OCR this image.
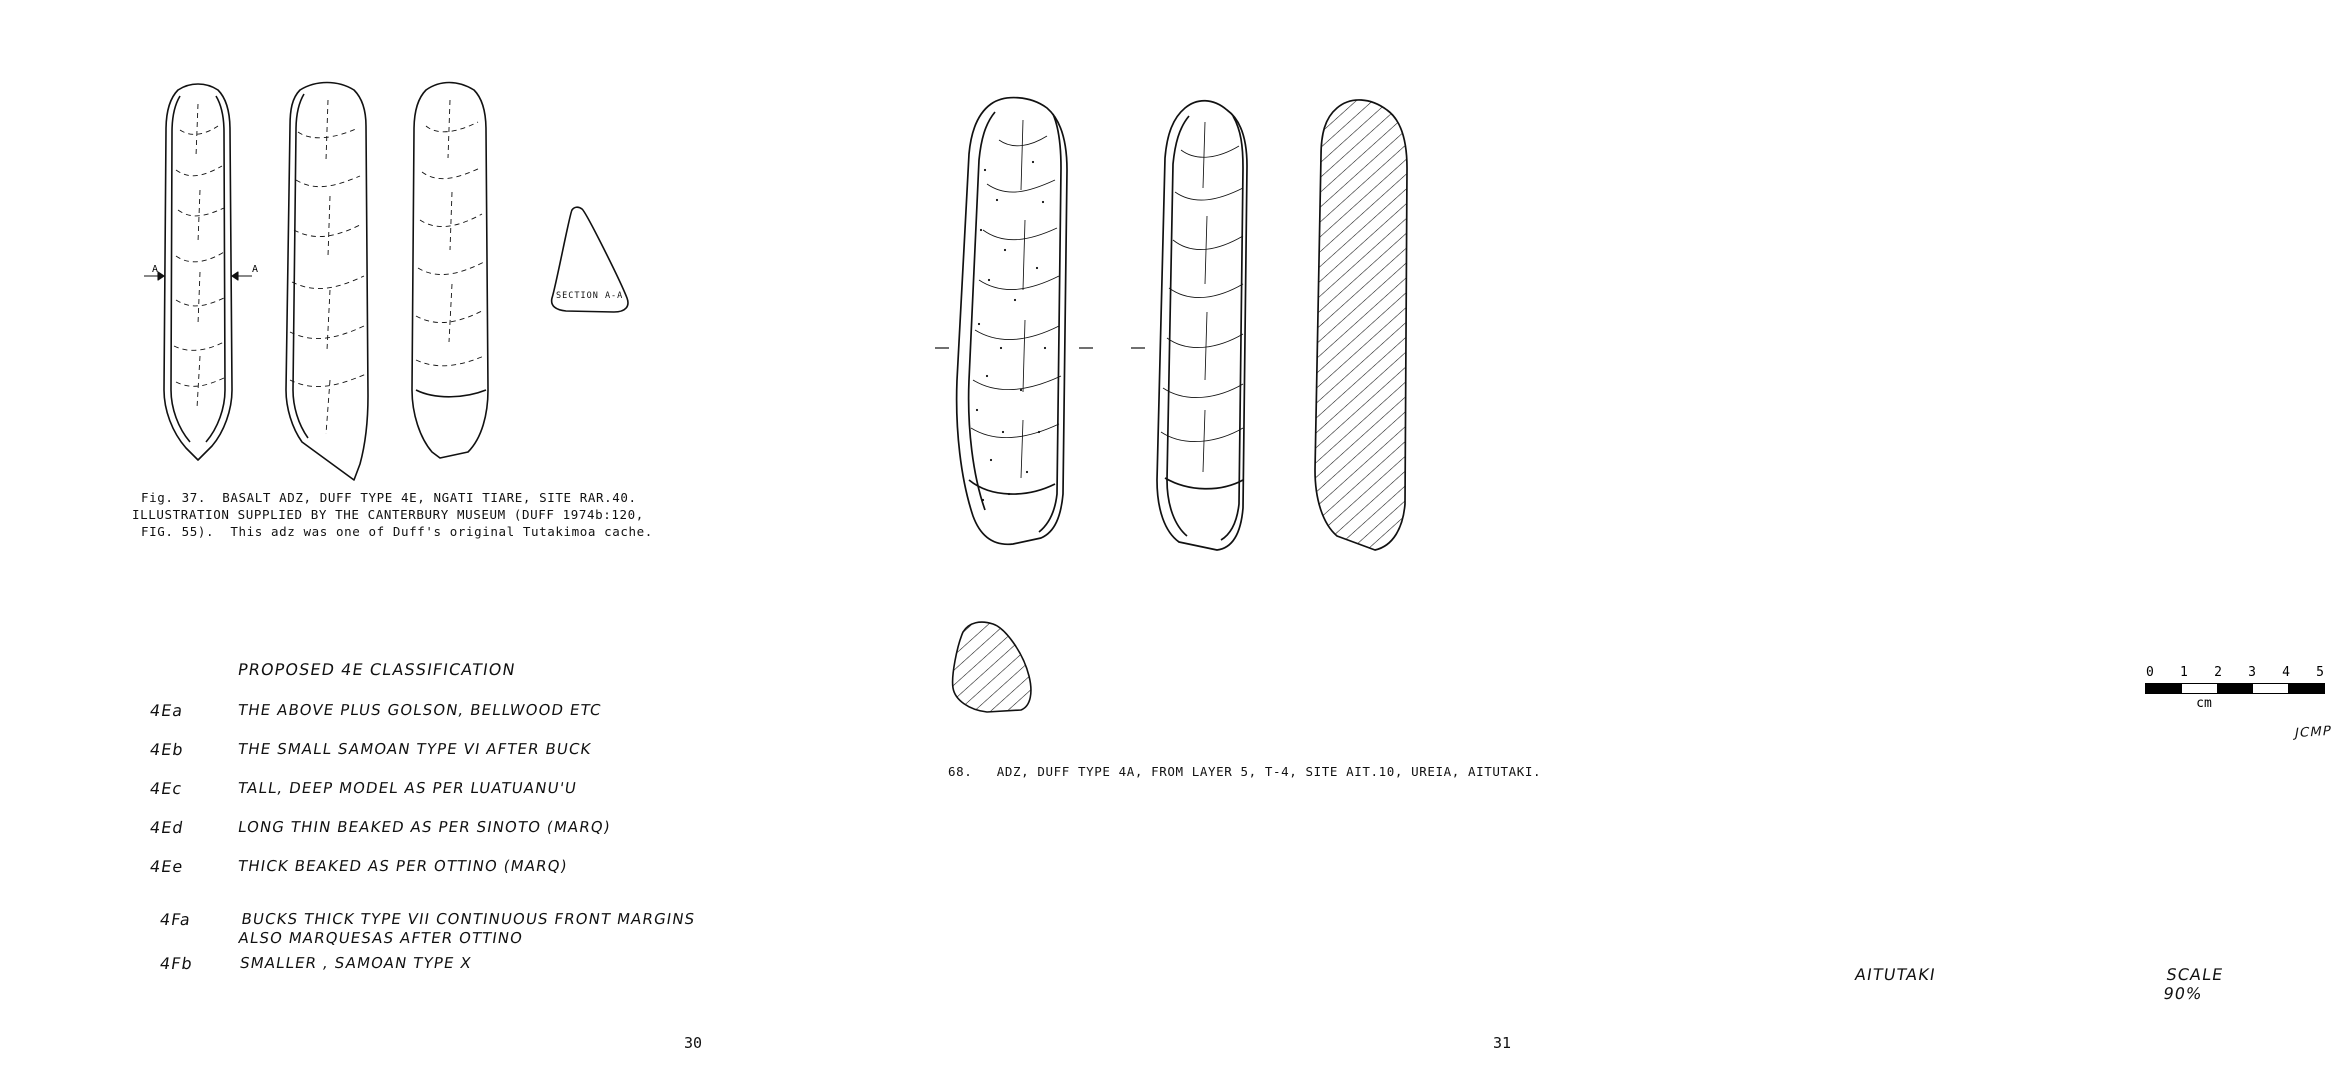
A	A
SECTION A-A
Fig. 37.  BASALT ADZ, DUFF TYPE 4E, NGATI TIARE, SITE RAR.40.
ILLUSTRATION SUPPLIED BY THE CANTERBURY MUSEUM (DUFF 1974b:120,
FIG. 55).  This adz was one of Duff's original Tutakimoa cache.
PROPOSED 4E CLASSIFICATION
4Ea	THE ABOVE PLUS GOLSON, BELLWOOD ETC
4Eb	THE SMALL SAMOAN TYPE VI AFTER BUCK
4Ec	TALL, DEEP MODEL AS PER LUATUANU'U
4Ed	LONG THIN BEAKED AS PER SINOTO (MARQ)
4Ee	THICK BEAKED AS PER OTTINO (MARQ)
4Fa	BUCKS THICK TYPE VII CONTINUOUS FRONT MARGINS ALSO MARQUESAS AFTER OTTINO
4Fb	SMALLER , SAMOAN TYPE X
30
0 1 2 3 4 5
cm
JCMP
68.   ADZ, DUFF TYPE 4A, FROM LAYER 5, T-4, SITE AIT.10, UREIA, AITUTAKI.
AITUTAKI	SCALE 90%
31
